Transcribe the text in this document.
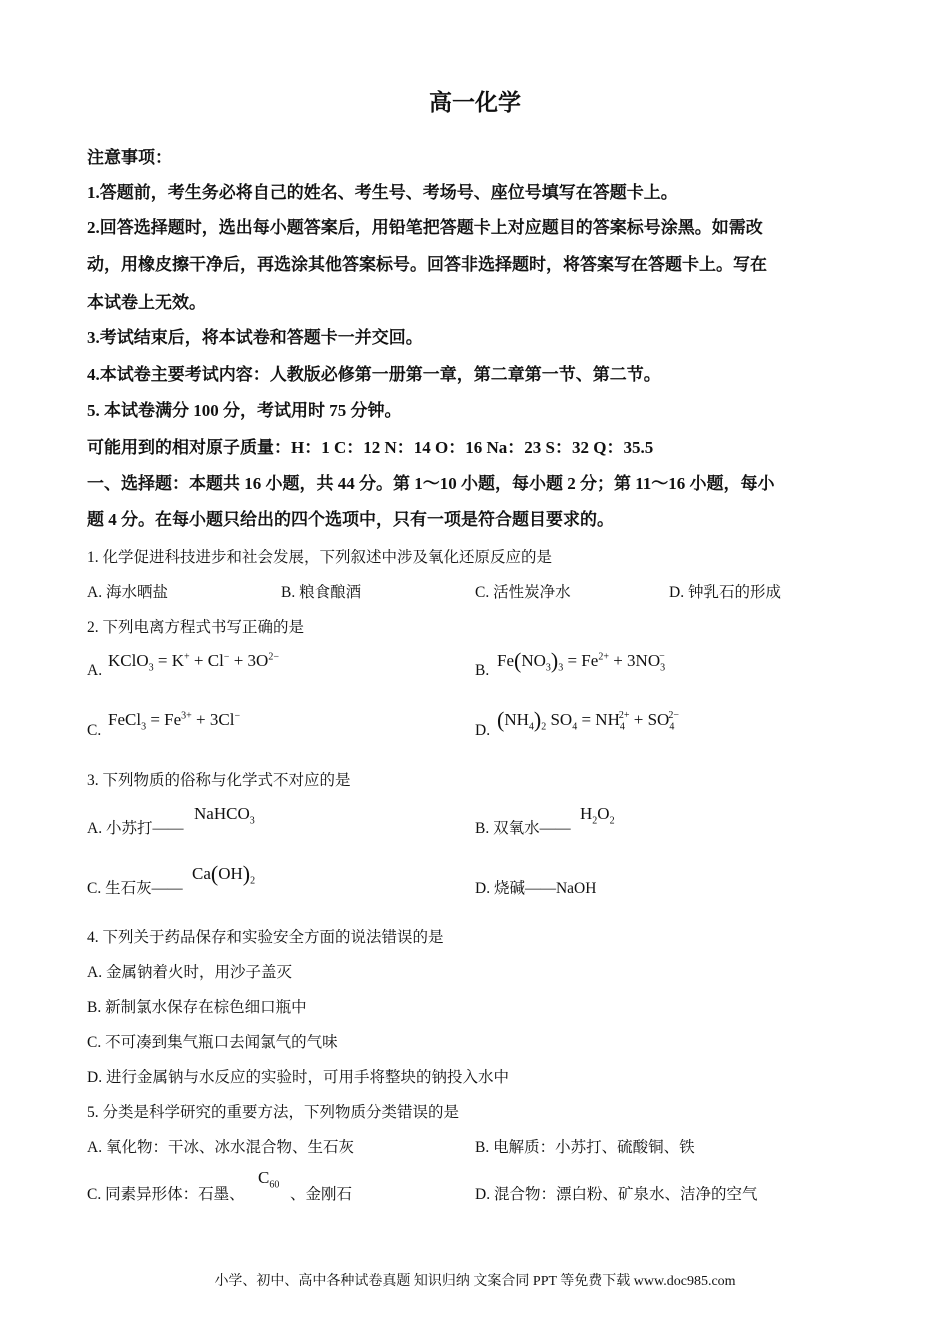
高一化学
注意事项：
1.答题前，考生务必将自己的姓名、考生号、考场号、座位号填写在答题卡上。
2.回答选择题时，选出每小题答案后，用铅笔把答题卡上对应题目的答案标号涂黑。如需改
动，用橡皮擦干净后，再选涂其他答案标号。回答非选择题时，将答案写在答题卡上。写在
本试卷上无效。
3.考试结束后，将本试卷和答题卡一并交回。
4.本试卷主要考试内容：人教版必修第一册第一章，第二章第一节、第二节。
5. 本试卷满分 100 分，考试用时 75 分钟。
可能用到的相对原子质量：H：1 C：12 N：14 O：16 Na：23 S：32 Q：35.5
一、选择题：本题共 16 小题，共 44 分。第 1～10 小题，每小题 2 分；第 11～16 小题，每小
题 4 分。在每小题只给出的四个选项中，只有一项是符合题目要求的。
1. 化学促进科技进步和社会发展，下列叙述中涉及氧化还原反应的是
A. 海水晒盐	B. 粮食酿酒	C. 活性炭净水	D. 钟乳石的形成
2. 下列电离方程式书写正确的是
A.
KClO$_3$ = $K^+ + Cl^- + 3O^{2-}$
B.
$Fe(NO_3)_3 = Fe^{2+} + 3NO_3^-$
C.
FeCl$_3$ = $Fe^{3+} + 3Cl^-$
D. $(NH_4)_2$ $SO_4 = NH_4^{2+} + SO_4^{2-}$
3. 下列物质的俗称与化学式不对应的是
A. 小苏打——
NaHCO$_3$	B. 双氧水——
$H_2O_2$
C. 生石灰——
$Ca(OH)_2$	D. 烧碱——NaOH
4. 下列关于药品保存和实验安全方面的说法错误的是
A. 金属钠着火时，用沙子盖灭
B. 新制氯水保存在棕色细口瓶中
C. 不可凑到集气瓶口去闻氯气的气味
D. 进行金属钠与水反应的实验时，可用手将整块的钠投入水中
5. 分类是科学研究的重要方法，下列物质分类错误的是
A. 氧化物：干冰、冰水混合物、生石灰	B. 电解质：小苏打、硫酸铜、铁
C. 同素异形体：石墨、
$C_{60}$
、金刚石	D. 混合物：漂白粉、矿泉水、洁净的空气
小学、初中、高中各种试卷真题 知识归纳 文案合同 PPT 等免费下载 www.doc985.com
